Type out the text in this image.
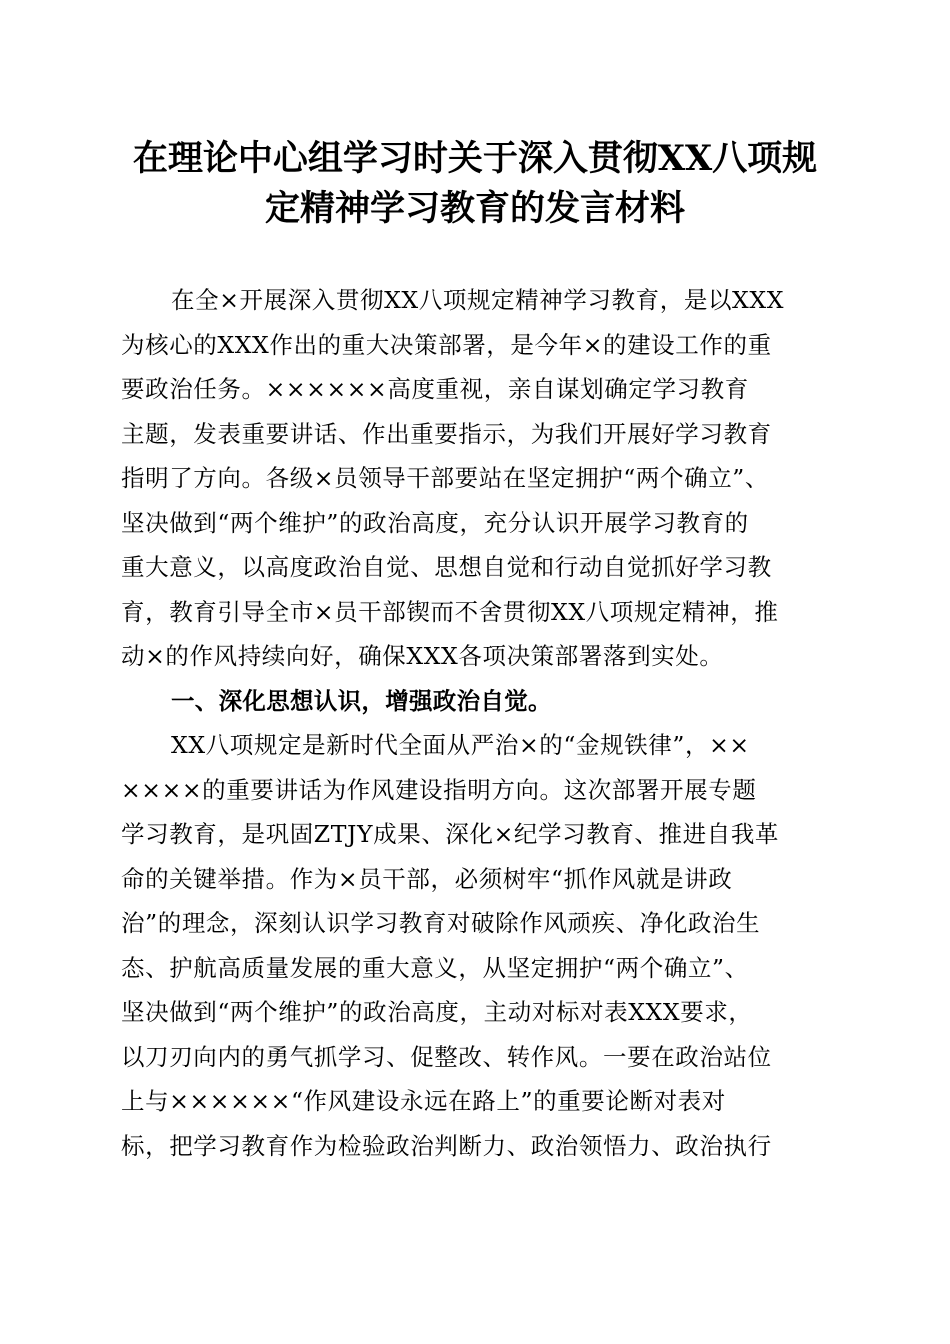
在理论中心组学习时关于深入贯彻XX八项规
定精神学习教育的发言材料
在全×开展深入贯彻XX八项规定精神学习教育，是以XXX
为核心的XXX作出的重大决策部署，是今年×的建设工作的重
要政治任务。××××××高度重视，亲自谋划确定学习教育
主题，发表重要讲话、作出重要指示，为我们开展好学习教育
指明了方向。各级×员领导干部要站在坚定拥护“两个确立”、
坚决做到“两个维护”的政治高度，充分认识开展学习教育的
重大意义，以高度政治自觉、思想自觉和行动自觉抓好学习教
育，教育引导全市×员干部锲而不舍贯彻XX八项规定精神，推
动×的作风持续向好，确保XXX各项决策部署落到实处。
一、深化思想认识，增强政治自觉。
XX八项规定是新时代全面从严治×的“金规铁律”，××
××××的重要讲话为作风建设指明方向。这次部署开展专题
学习教育，是巩固ZTJY成果、深化×纪学习教育、推进自我革
命的关键举措。作为×员干部，必须树牢“抓作风就是讲政
治”的理念，深刻认识学习教育对破除作风顽疾、净化政治生
态、护航高质量发展的重大意义，从坚定拥护“两个确立”、
坚决做到“两个维护”的政治高度，主动对标对表XXX要求，
以刀刃向内的勇气抓学习、促整改、转作风。一要在政治站位
上与××××××“作风建设永远在路上”的重要论断对表对
标，把学习教育作为检验政治判断力、政治领悟力、政治执行
